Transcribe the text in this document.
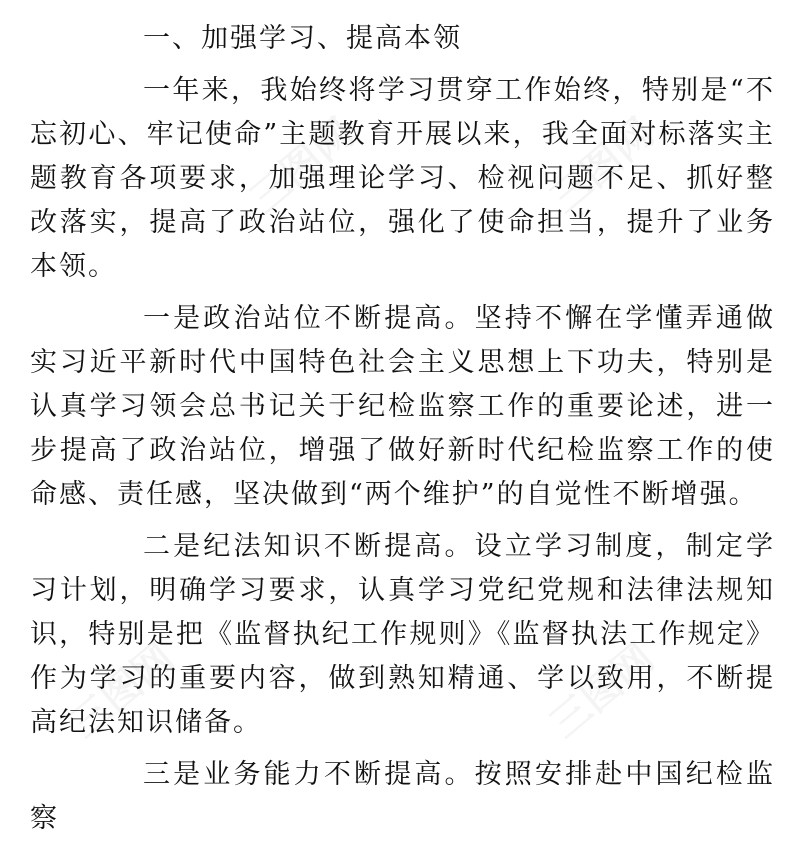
一、加强学习、提高本领

一年来，我始终将学习贯穿工作始终，特别是“不忘初心、牢记使命”主题教育开展以来，我全面对标落实主题教育各项要求，加强理论学习、检视问题不足、抓好整改落实，提高了政治站位，强化了使命担当，提升了业务本领。

一是政治站位不断提高。坚持不懈在学懂弄通做实习近平新时代中国特色社会主义思想上下功夫，特别是认真学习领会总书记关于纪检监察工作的重要论述，进一步提高了政治站位，增强了做好新时代纪检监察工作的使命感、责任感，坚决做到“两个维护”的自觉性不断增强。

二是纪法知识不断提高。设立学习制度，制定学习计划，明确学习要求，认真学习党纪党规和法律法规知识，特别是把《监督执纪工作规则》《监督执法工作规定》作为学习的重要内容，做到熟知精通、学以致用，不断提高纪法知识储备。

三是业务能力不断提高。按照安排赴中国纪检监察
